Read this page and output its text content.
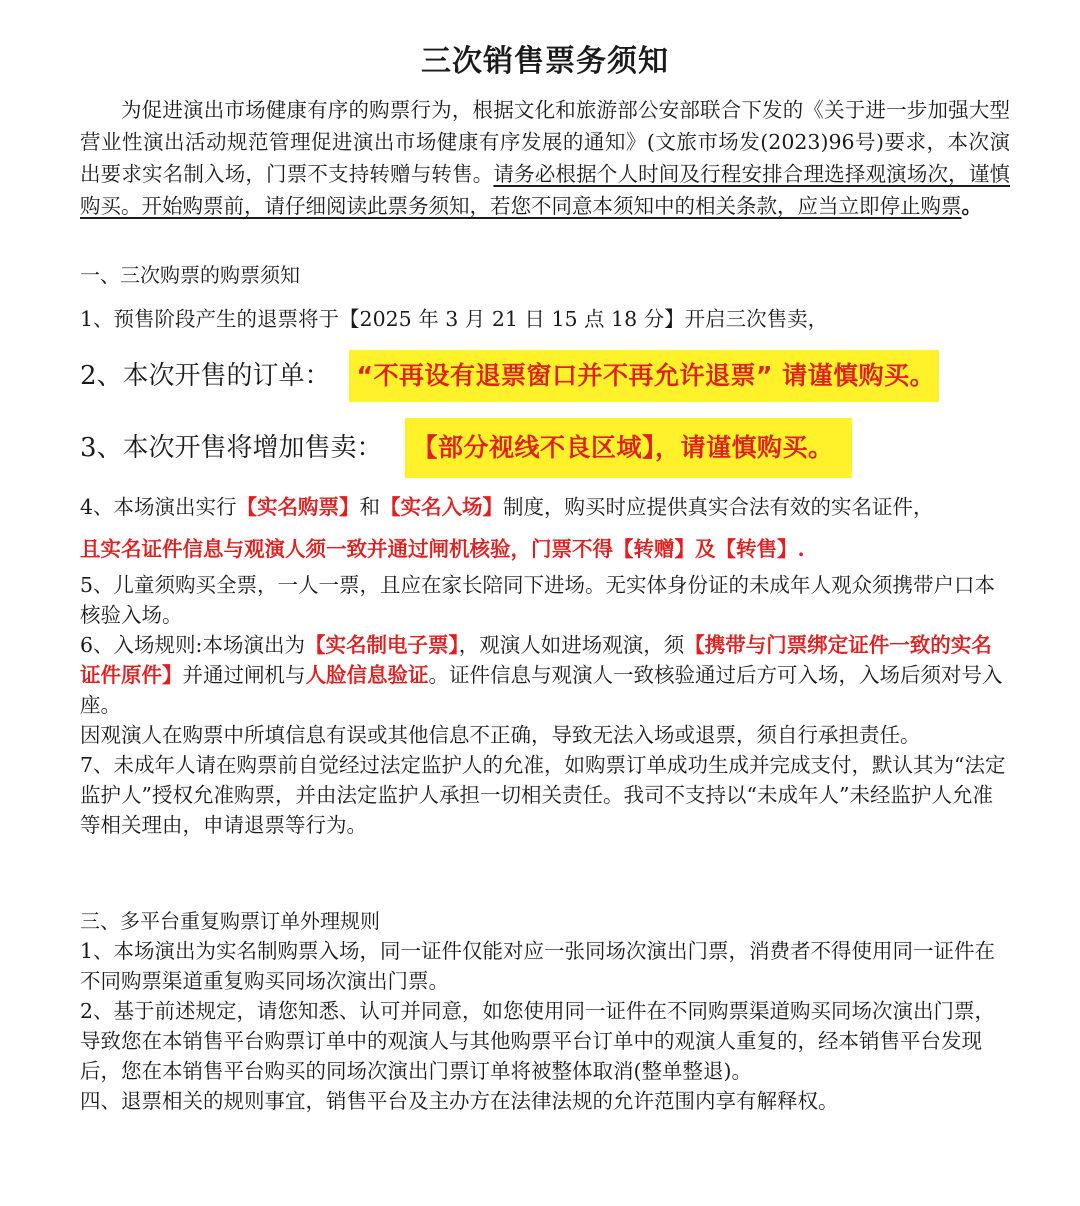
三次销售票务须知

为促进演出市场健康有序的购票行为，根据文化和旅游部公安部联合下发的《关于进一步加强大型营业性演出活动规范管理促进演出市场健康有序发展的通知》(文旅市场发(2023)96号)要求，本次演出要求实名制入场，门票不支持转赠与转售。请务必根据个人时间及行程安排合理选择观演场次，谨慎购买。开始购票前，请仔细阅读此票务须知，若您不同意本须知中的相关条款，应当立即停止购票。

一、三次购票的购票须知

1、预售阶段产生的退票将于【2025 年 3 月 21 日 15 点 18 分】开启三次售卖，

2、本次开售的订单：	“不再设有退票窗口并不再允许退票” 请谨慎购买。
3、本次开售将增加售卖：	【部分视线不良区域】，请谨慎购买。

4、本场演出实行【实名购票】和【实名入场】制度，购买时应提供真实合法有效的实名证件，

且实名证件信息与观演人须一致并通过闸机核验，门票不得【转赠】及【转售】.

5、儿童须购买全票，一人一票，且应在家长陪同下进场。无实体身份证的未成年人观众须携带户口本核验入场。

6、入场规则:本场演出为【实名制电子票】，观演人如进场观演，须【携带与门票绑定证件一致的实名证件原件】并通过闸机与人脸信息验证。证件信息与观演人一致核验通过后方可入场，入场后须对号入座。

因观演人在购票中所填信息有误或其他信息不正确，导致无法入场或退票，须自行承担责任。

7、未成年人请在购票前自觉经过法定监护人的允准，如购票订单成功生成并完成支付，默认其为“法定监护人”授权允准购票，并由法定监护人承担一切相关责任。我司不支持以“未成年人”未经监护人允准等相关理由，申请退票等行为。

三、多平台重复购票订单外理规则

1、本场演出为实名制购票入场，同一证件仅能对应一张同场次演出门票，消费者不得使用同一证件在不同购票渠道重复购买同场次演出门票。

2、基于前述规定，请您知悉、认可并同意，如您使用同一证件在不同购票渠道购买同场次演出门票，导致您在本销售平台购票订单中的观演人与其他购票平台订单中的观演人重复的，经本销售平台发现后，您在本销售平台购买的同场次演出门票订单将被整体取消(整单整退)。

四、退票相关的规则事宜，销售平台及主办方在法律法规的允许范围内享有解释权。
